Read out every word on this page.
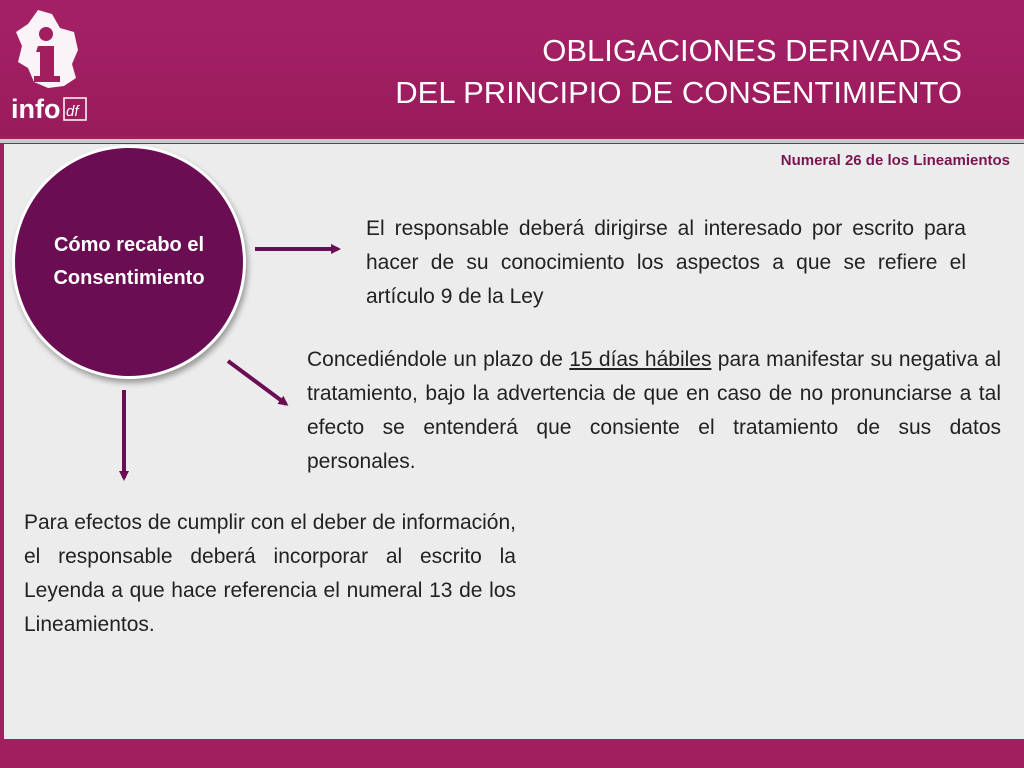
info df
OBLIGACIONES DERIVADAS
DEL PRINCIPIO DE CONSENTIMIENTO
Numeral 26 de los Lineamientos
Cómo recabo el
Consentimiento
El responsable deberá dirigirse al interesado por escrito para hacer de su conocimiento los aspectos a que se refiere el artículo 9 de la Ley
Concediéndole un plazo de 15 días hábiles para manifestar su negativa al tratamiento, bajo la advertencia de que en caso de no pronunciarse a tal efecto se entenderá que consiente el tratamiento de sus datos personales.
Para efectos de cumplir con el deber de información, el responsable deberá incorporar al escrito la Leyenda a que hace referencia el numeral 13 de los Lineamientos.
